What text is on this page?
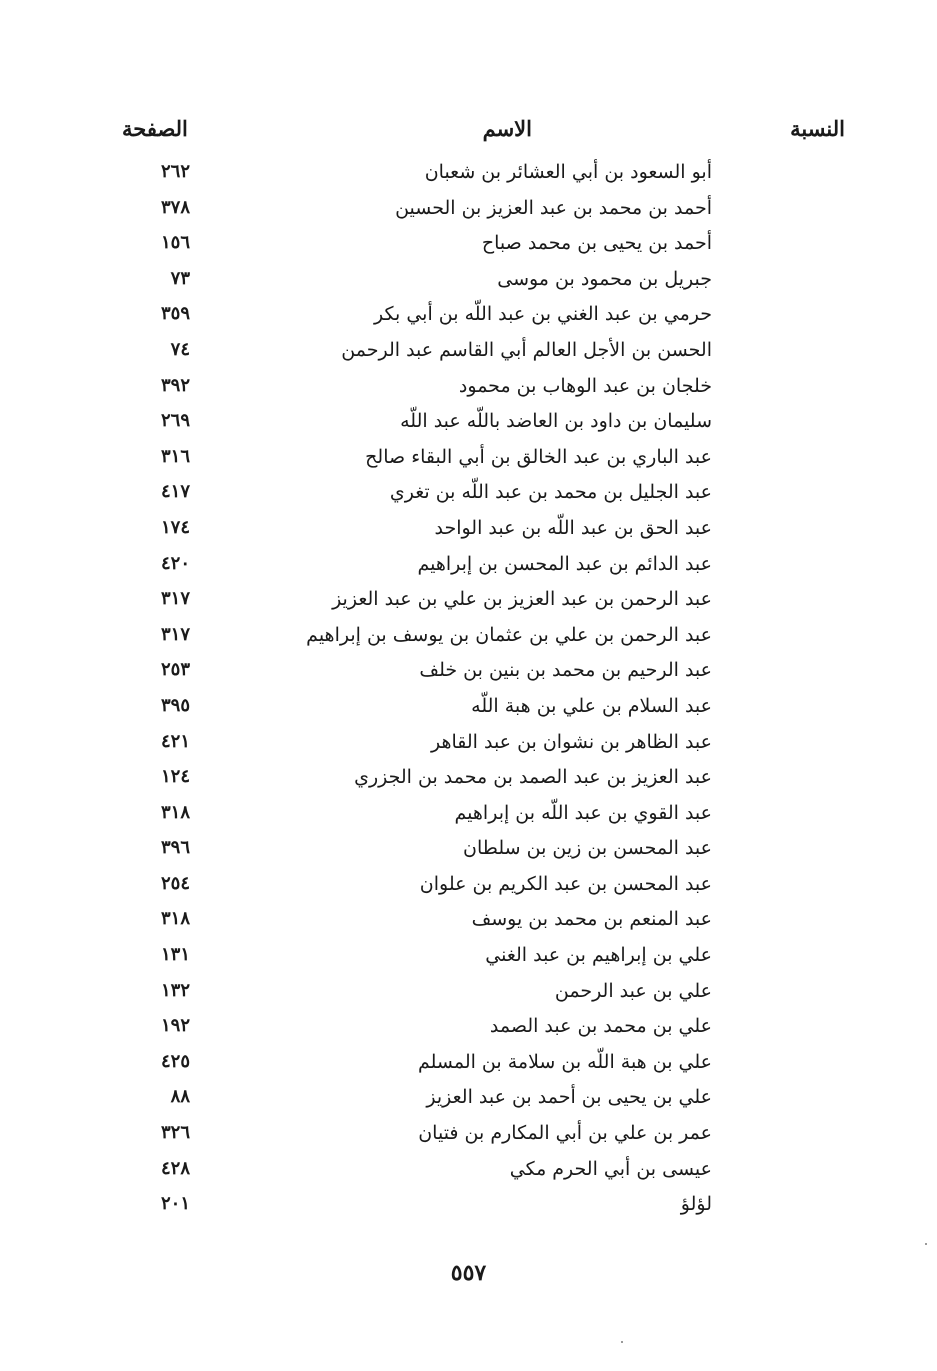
النسبة
الاسم
الصفحة
أبو السعود بن أبي العشائر بن شعبان
٢٦٢
أحمد بن محمد بن عبد العزيز بن الحسين
٣٧٨
أحمد بن يحيى بن محمد صباح
١٥٦
جبريل بن محمود بن موسى
٧٣
حرمي بن عبد الغني بن عبد اللّه بن أبي بكر
٣٥٩
الحسن بن الأجل العالم أبي القاسم عبد الرحمن
٧٤
خلجان بن عبد الوهاب بن محمود
٣٩٢
سليمان بن داود بن العاضد باللّه عبد اللّه
٢٦٩
عبد الباري بن عبد الخالق بن أبي البقاء صالح
٣١٦
عبد الجليل بن محمد بن عبد اللّه بن تغري
٤١٧
عبد الحق بن عبد اللّه بن عبد الواحد
١٧٤
عبد الدائم بن عبد المحسن بن إبراهيم
٤٢٠
عبد الرحمن بن عبد العزيز بن علي بن عبد العزيز
٣١٧
عبد الرحمن بن علي بن عثمان بن يوسف بن إبراهيم
٣١٧
عبد الرحيم بن محمد بن بنين بن خلف
٢٥٣
عبد السلام بن علي بن هبة اللّه
٣٩٥
عبد الظاهر بن نشوان بن عبد القاهر
٤٢١
عبد العزيز بن عبد الصمد بن محمد بن الجزري
١٢٤
عبد القوي بن عبد اللّه بن إبراهيم
٣١٨
عبد المحسن بن زين بن سلطان
٣٩٦
عبد المحسن بن عبد الكريم بن علوان
٢٥٤
عبد المنعم بن محمد بن يوسف
٣١٨
علي بن إبراهيم بن عبد الغني
١٣١
علي بن عبد الرحمن
١٣٢
علي بن محمد بن عبد الصمد
١٩٢
علي بن هبة اللّه بن سلامة بن المسلم
٤٢٥
علي بن يحيى بن أحمد بن عبد العزيز
٨٨
عمر بن علي بن أبي المكارم بن فتيان
٣٢٦
عيسى بن أبي الحرم مكي
٤٢٨
لؤلؤ
٢٠١
٥٥٧
